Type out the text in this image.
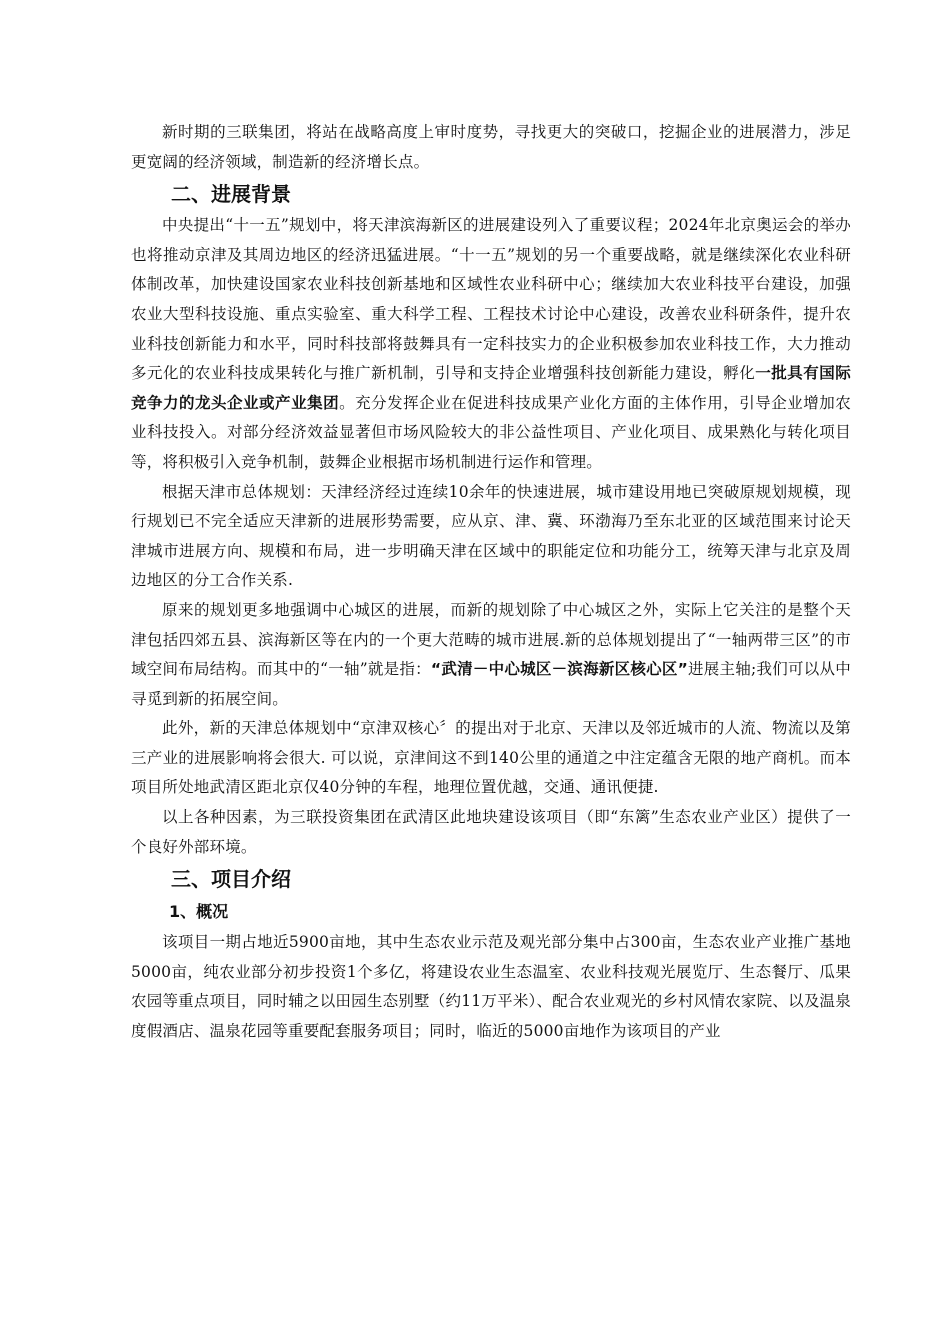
新时期的三联集团，将站在战略高度上审时度势，寻找更大的突破口，挖掘企业的进展潜力，涉足更宽阔的经济领域，制造新的经济增长点。

二、进展背景

中央提出“十一五”规划中，将天津滨海新区的进展建设列入了重要议程；2024年北京奥运会的举办也将推动京津及其周边地区的经济迅猛进展。“十一五”规划的另一个重要战略，就是继续深化农业科研体制改革，加快建设国家农业科技创新基地和区域性农业科研中心；继续加大农业科技平台建设，加强农业大型科技设施、重点实验室、重大科学工程、工程技术讨论中心建设，改善农业科研条件，提升农业科技创新能力和水平，同时科技部将鼓舞具有一定科技实力的企业积极参加农业科技工作，大力推动多元化的农业科技成果转化与推广新机制，引导和支持企业增强科技创新能力建设，孵化一批具有国际竞争力的龙头企业或产业集团。充分发挥企业在促进科技成果产业化方面的主体作用，引导企业增加农业科技投入。对部分经济效益显著但市场风险较大的非公益性项目、产业化项目、成果熟化与转化项目等，将积极引入竞争机制，鼓舞企业根据市场机制进行运作和管理。

根据天津市总体规划：天津经济经过连续10余年的快速进展，城市建设用地已突破原规划规模，现行规划已不完全适应天津新的进展形势需要，应从京、津、冀、环渤海乃至东北亚的区域范围来讨论天津城市进展方向、规模和布局，进一步明确天津在区域中的职能定位和功能分工，统筹天津与北京及周边地区的分工合作关系.

原来的规划更多地强调中心城区的进展，而新的规划除了中心城区之外，实际上它关注的是整个天津包括四郊五县、滨海新区等在内的一个更大范畴的城市进展.新的总体规划提出了“一轴两带三区”的市域空间布局结构。而其中的“一轴”就是指：“武清－中心城区－滨海新区核心区”进展主轴;我们可以从中寻觅到新的拓展空间。

此外，新的天津总体规划中“京津双核心〞的提出对于北京、天津以及邻近城市的人流、物流以及第三产业的进展影响将会很大. 可以说，京津间这不到140公里的通道之中注定蕴含无限的地产商机。而本项目所处地武清区距北京仅40分钟的车程，地理位置优越，交通、通讯便捷.

以上各种因素，为三联投资集团在武清区此地块建设该项目（即“东篱”生态农业产业区）提供了一个良好外部环境。

三、项目介绍
1、概况

该项目一期占地近5900亩地，其中生态农业示范及观光部分集中占300亩，生态农业产业推广基地5000亩，纯农业部分初步投资1个多亿，将建设农业生态温室、农业科技观光展览厅、生态餐厅、瓜果农园等重点项目，同时辅之以田园生态别墅（约11万平米）、配合农业观光的乡村风情农家院、以及温泉度假酒店、温泉花园等重要配套服务项目；同时，临近的5000亩地作为该项目的产业
